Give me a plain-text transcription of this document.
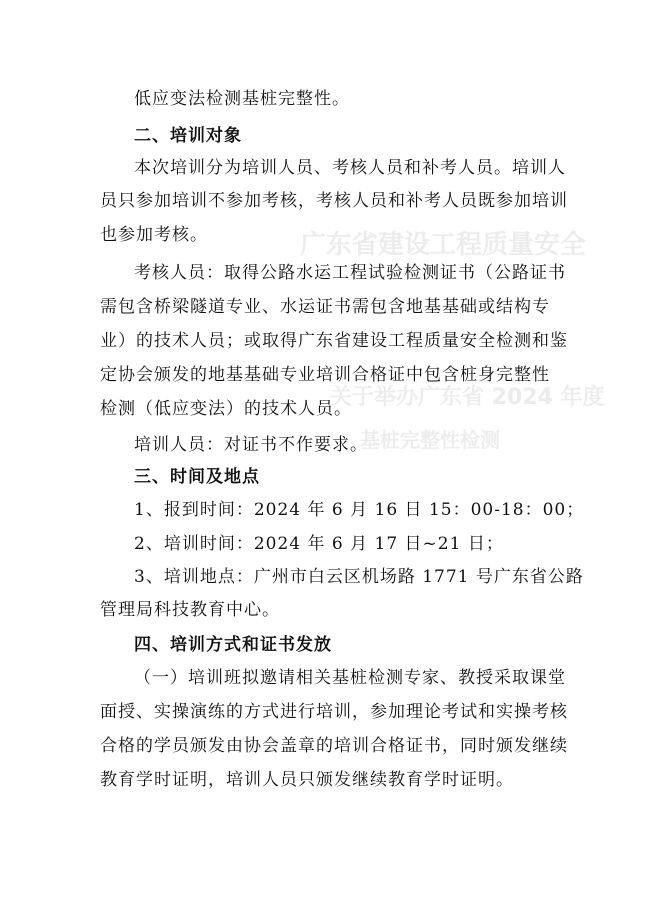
广东省建设工程质量安全
关于举办广东省 2024 年度
基桩完整性检测
低应变法检测基桩完整性。
二、培训对象
本次培训分为培训人员、考核人员和补考人员。培训人
员只参加培训不参加考核，考核人员和补考人员既参加培训
也参加考核。
考核人员：取得公路水运工程试验检测证书（公路证书
需包含桥梁隧道专业、水运证书需包含地基基础或结构专
业）的技术人员；或取得广东省建设工程质量安全检测和鉴
定协会颁发的地基基础专业培训合格证中包含桩身完整性
检测（低应变法）的技术人员。
培训人员：对证书不作要求。
三、时间及地点
1、报到时间：2024 年 6 月 16 日 15：00-18：00；
2、培训时间：2024 年 6 月 17 日~21 日；
3、培训地点：广州市白云区机场路 1771 号广东省公路
管理局科技教育中心。
四、培训方式和证书发放
（一）培训班拟邀请相关基桩检测专家、教授采取课堂
面授、实操演练的方式进行培训，参加理论考试和实操考核
合格的学员颁发由协会盖章的培训合格证书，同时颁发继续
教育学时证明，培训人员只颁发继续教育学时证明。
